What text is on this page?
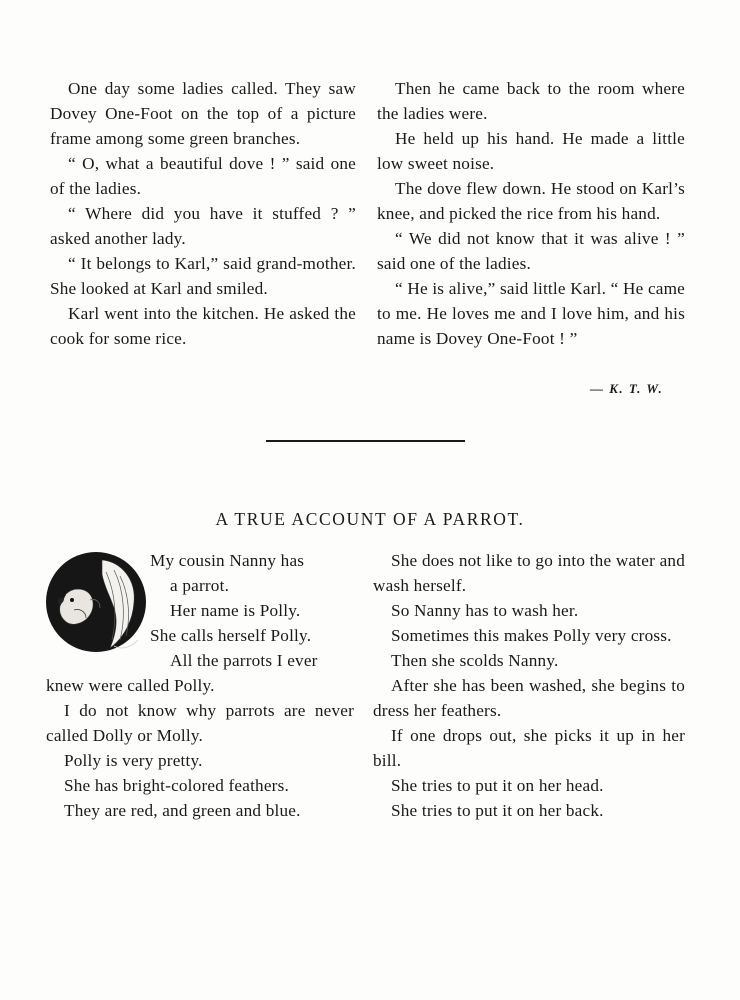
One day some ladies called. They saw Dovey One-Foot on the top of a picture frame among some green branches.

“ O, what a beautiful dove ! ” said one of the ladies.

“ Where did you have it stuffed ? ” asked another lady.

“ It belongs to Karl,” said grand-mother. She looked at Karl and smiled.

Karl went into the kitchen. He asked the cook for some rice.

Then he came back to the room where the ladies were.

He held up his hand. He made a little low sweet noise.

The dove flew down. He stood on Karl’s knee, and picked the rice from his hand.

“ We did not know that it was alive ! ” said one of the ladies.

“ He is alive,” said little Karl. “ He came to me. He loves me and I love him, and his name is Dovey One-Foot ! ”

— K. T. W.
A TRUE ACCOUNT OF A PARROT.

My cousin Nanny has

a parrot.

Her name is Polly.

She calls herself Polly.

All the parrots I ever

knew were called Polly.

I do not know why parrots are never called Dolly or Molly.

Polly is very pretty.

She has bright-colored feathers.

They are red, and green and blue.

She does not like to go into the water and wash herself.

So Nanny has to wash her.

Sometimes this makes Polly very cross.

Then she scolds Nanny.

After she has been washed, she begins to dress her feathers.

If one drops out, she picks it up in her bill.

She tries to put it on her head.

She tries to put it on her back.
